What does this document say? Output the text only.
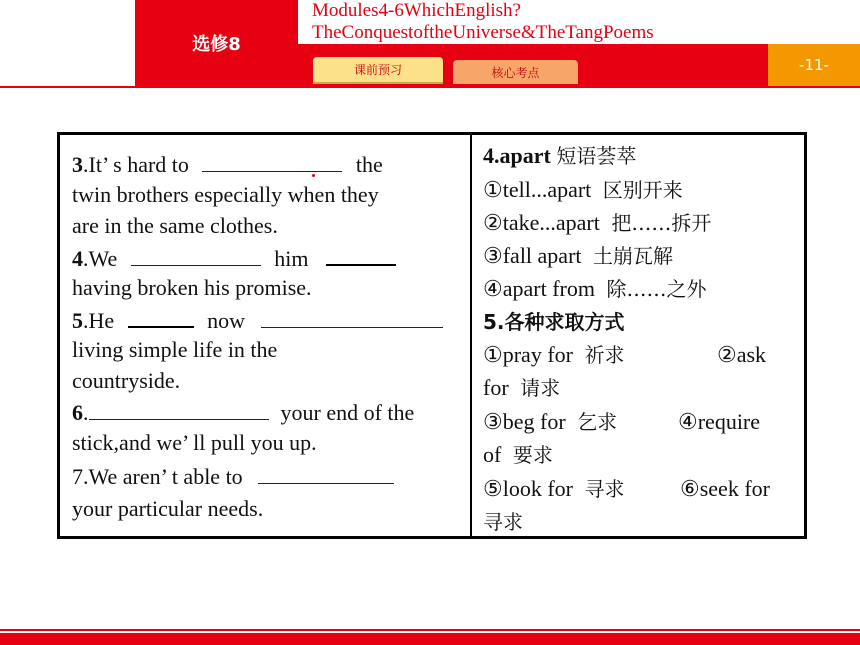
选修8
Modules4-6WhichEnglish?
TheConquestoftheUniverse&TheTangPoems
课前预习	核心考点	-11-
3.It’ s hard to	the
twin brothers especially when they
are in the same clothes.
4.We	him
having broken his promise.
5.He	now
living simple life in the
countryside.
6.	your end of the
stick,and we’ ll pull you up.
7.We aren’ t able to
your particular needs.
4.apart 短语荟萃
①tell...apart 区别开来
②take...apart 把……拆开
③fall apart 土崩瓦解
④apart from 除……之外
5.各种求取方式
①pray for 祈求	②ask
for 请求
③beg for 乞求	④require
of 要求
⑤look for 寻求	⑥seek for
寻求
